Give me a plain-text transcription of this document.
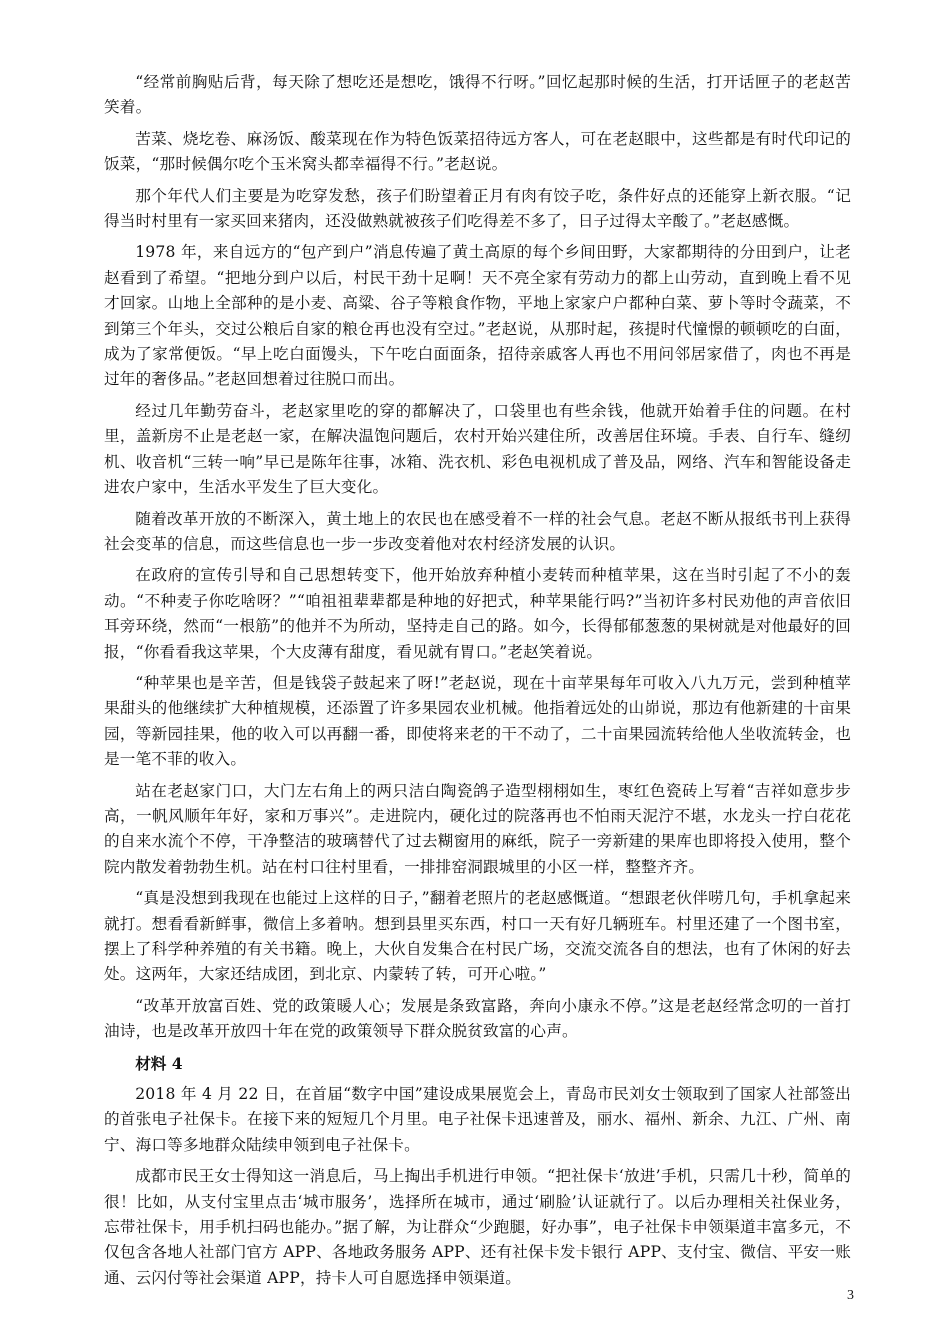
“经常前胸贴后背，每天除了想吃还是想吃，饿得不行呀。”回忆起那时候的生活，打开话匣子的老赵苦笑着。

苦菜、烧圪卷、麻汤饭、酸菜现在作为特色饭菜招待远方客人，可在老赵眼中，这些都是有时代印记的饭菜，“那时候偶尔吃个玉米窝头都幸福得不行。”老赵说。

那个年代人们主要是为吃穿发愁，孩子们盼望着正月有肉有饺子吃，条件好点的还能穿上新衣服。“记得当时村里有一家买回来猪肉，还没做熟就被孩子们吃得差不多了，日子过得太辛酸了。”老赵感慨。

1978 年，来自远方的“包产到户”消息传遍了黄土高原的每个乡间田野，大家都期待的分田到户，让老赵看到了希望。“把地分到户以后，村民干劲十足啊！天不亮全家有劳动力的都上山劳动，直到晚上看不见才回家。山地上全部种的是小麦、高粱、谷子等粮食作物，平地上家家户户都种白菜、萝卜等时令蔬菜，不到第三个年头，交过公粮后自家的粮仓再也没有空过。”老赵说，从那时起，孩提时代憧憬的顿顿吃的白面，成为了家常便饭。“早上吃白面馒头，下午吃白面面条，招待亲戚客人再也不用问邻居家借了，肉也不再是过年的奢侈品。”老赵回想着过往脱口而出。

经过几年勤劳奋斗，老赵家里吃的穿的都解决了，口袋里也有些余钱，他就开始着手住的问题。在村里，盖新房不止是老赵一家，在解决温饱问题后，农村开始兴建住所，改善居住环境。手表、自行车、缝纫机、收音机“三转一响”早已是陈年往事，冰箱、洗衣机、彩色电视机成了普及品，网络、汽车和智能设备走进农户家中，生活水平发生了巨大变化。

随着改革开放的不断深入，黄土地上的农民也在感受着不一样的社会气息。老赵不断从报纸书刊上获得社会变革的信息，而这些信息也一步一步改变着他对农村经济发展的认识。

在政府的宣传引导和自己思想转变下，他开始放弃种植小麦转而种植苹果，这在当时引起了不小的轰动。“不种麦子你吃啥呀？”“咱祖祖辈辈都是种地的好把式，种苹果能行吗?”当初许多村民劝他的声音依旧耳旁环绕，然而“一根筋”的他并不为所动，坚持走自己的路。如今，长得郁郁葱葱的果树就是对他最好的回报，“你看看我这苹果，个大皮薄有甜度，看见就有胃口。”老赵笑着说。

“种苹果也是辛苦，但是钱袋子鼓起来了呀!”老赵说，现在十亩苹果每年可收入八九万元，尝到种植苹果甜头的他继续扩大种植规模，还添置了许多果园农业机械。他指着远处的山峁说，那边有他新建的十亩果园，等新园挂果，他的收入可以再翻一番，即使将来老的干不动了，二十亩果园流转给他人坐收流转金，也是一笔不菲的收入。

站在老赵家门口，大门左右角上的两只洁白陶瓷鸽子造型栩栩如生，枣红色瓷砖上写着“吉祥如意步步高，一帆风顺年年好，家和万事兴”。走进院内，硬化过的院落再也不怕雨天泥泞不堪，水龙头一拧白花花的自来水流个不停，干净整洁的玻璃替代了过去糊窗用的麻纸，院子一旁新建的果库也即将投入使用，整个院内散发着勃勃生机。站在村口往村里看，一排排窑洞跟城里的小区一样，整整齐齐。

“真是没想到我现在也能过上这样的日子，”翻着老照片的老赵感慨道。“想跟老伙伴唠几句，手机拿起来就打。想看看新鲜事，微信上多着呐。想到县里买东西，村口一天有好几辆班车。村里还建了一个图书室，摆上了科学种养殖的有关书籍。晚上，大伙自发集合在村民广场，交流交流各自的想法，也有了休闲的好去处。这两年，大家还结成团，到北京、内蒙转了转，可开心啦。”

“改革开放富百姓、党的政策暖人心；发展是条致富路，奔向小康永不停。”这是老赵经常念叨的一首打油诗，也是改革开放四十年在党的政策领导下群众脱贫致富的心声。

材料 4

2018 年 4 月 22 日，在首届“数字中国”建设成果展览会上，青岛市民刘女士领取到了国家人社部签出的首张电子社保卡。在接下来的短短几个月里。电子社保卡迅速普及，丽水、福州、新余、九江、广州、南宁、海口等多地群众陆续申领到电子社保卡。

成都市民王女士得知这一消息后，马上掏出手机进行申领。“把社保卡‘放进’手机，只需几十秒，简单的很！比如，从支付宝里点击‘城市服务’，选择所在城市，通过‘刷脸’认证就行了。以后办理相关社保业务，忘带社保卡，用手机扫码也能办。”据了解，为让群众“少跑腿，好办事”，电子社保卡申领渠道丰富多元，不仅包含各地人社部门官方 APP、各地政务服务 APP、还有社保卡发卡银行 APP、支付宝、微信、平安一账通、云闪付等社会渠道 APP，持卡人可自愿选择申领渠道。

3
